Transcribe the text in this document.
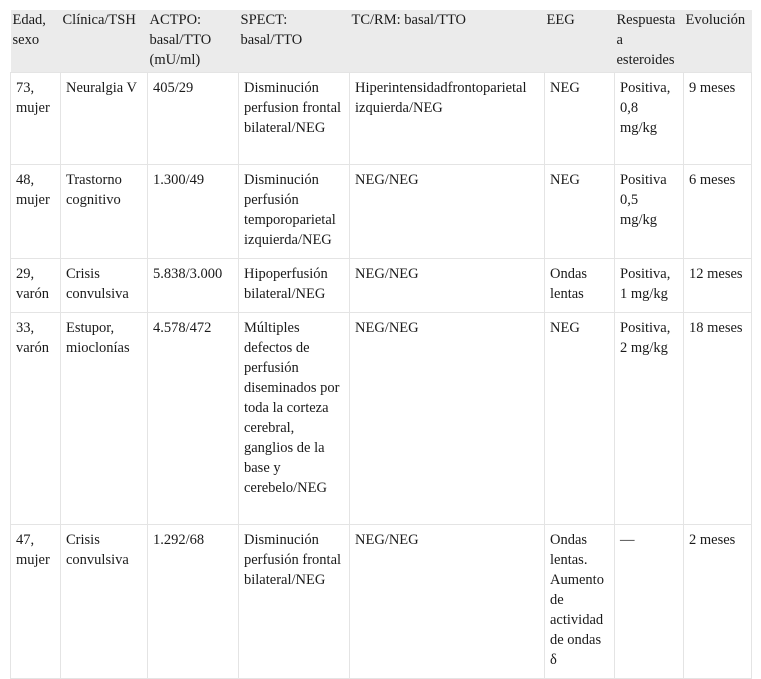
Edad, sexo	Clínica/TSH	ACTPO: basal/TTO (mU/ml)	SPECT: basal/TTO	TC/RM: basal/TTO	EEG	Respuesta a esteroides	Evolución
73, mujer	Neuralgia V	405/29	Disminución perfusion frontal bilateral/NEG	Hiperintensidadfrontoparietal izquierda/NEG	NEG	Positiva, 0,8 mg/kg	9 meses
48, mujer	Trastorno cognitivo	1.300/49	Disminución perfusión temporoparietal izquierda/NEG	NEG/NEG	NEG	Positiva 0,5 mg/kg	6 meses
29, varón	Crisis convulsiva	5.838/3.000	Hipoperfusión bilateral/NEG	NEG/NEG	Ondas lentas	Positiva, 1 mg/kg	12 meses
33, varón	Estupor, mioclonías	4.578/472	Múltiples defectos de perfusión diseminados por toda la corteza cerebral, ganglios de la base y cerebelo/NEG	NEG/NEG	NEG	Positiva, 2 mg/kg	18 meses
47, mujer	Crisis convulsiva	1.292/68	Disminución perfusión frontal bilateral/NEG	NEG/NEG	Ondas lentas. Aumento de actividad de ondas δ	—	2 meses
